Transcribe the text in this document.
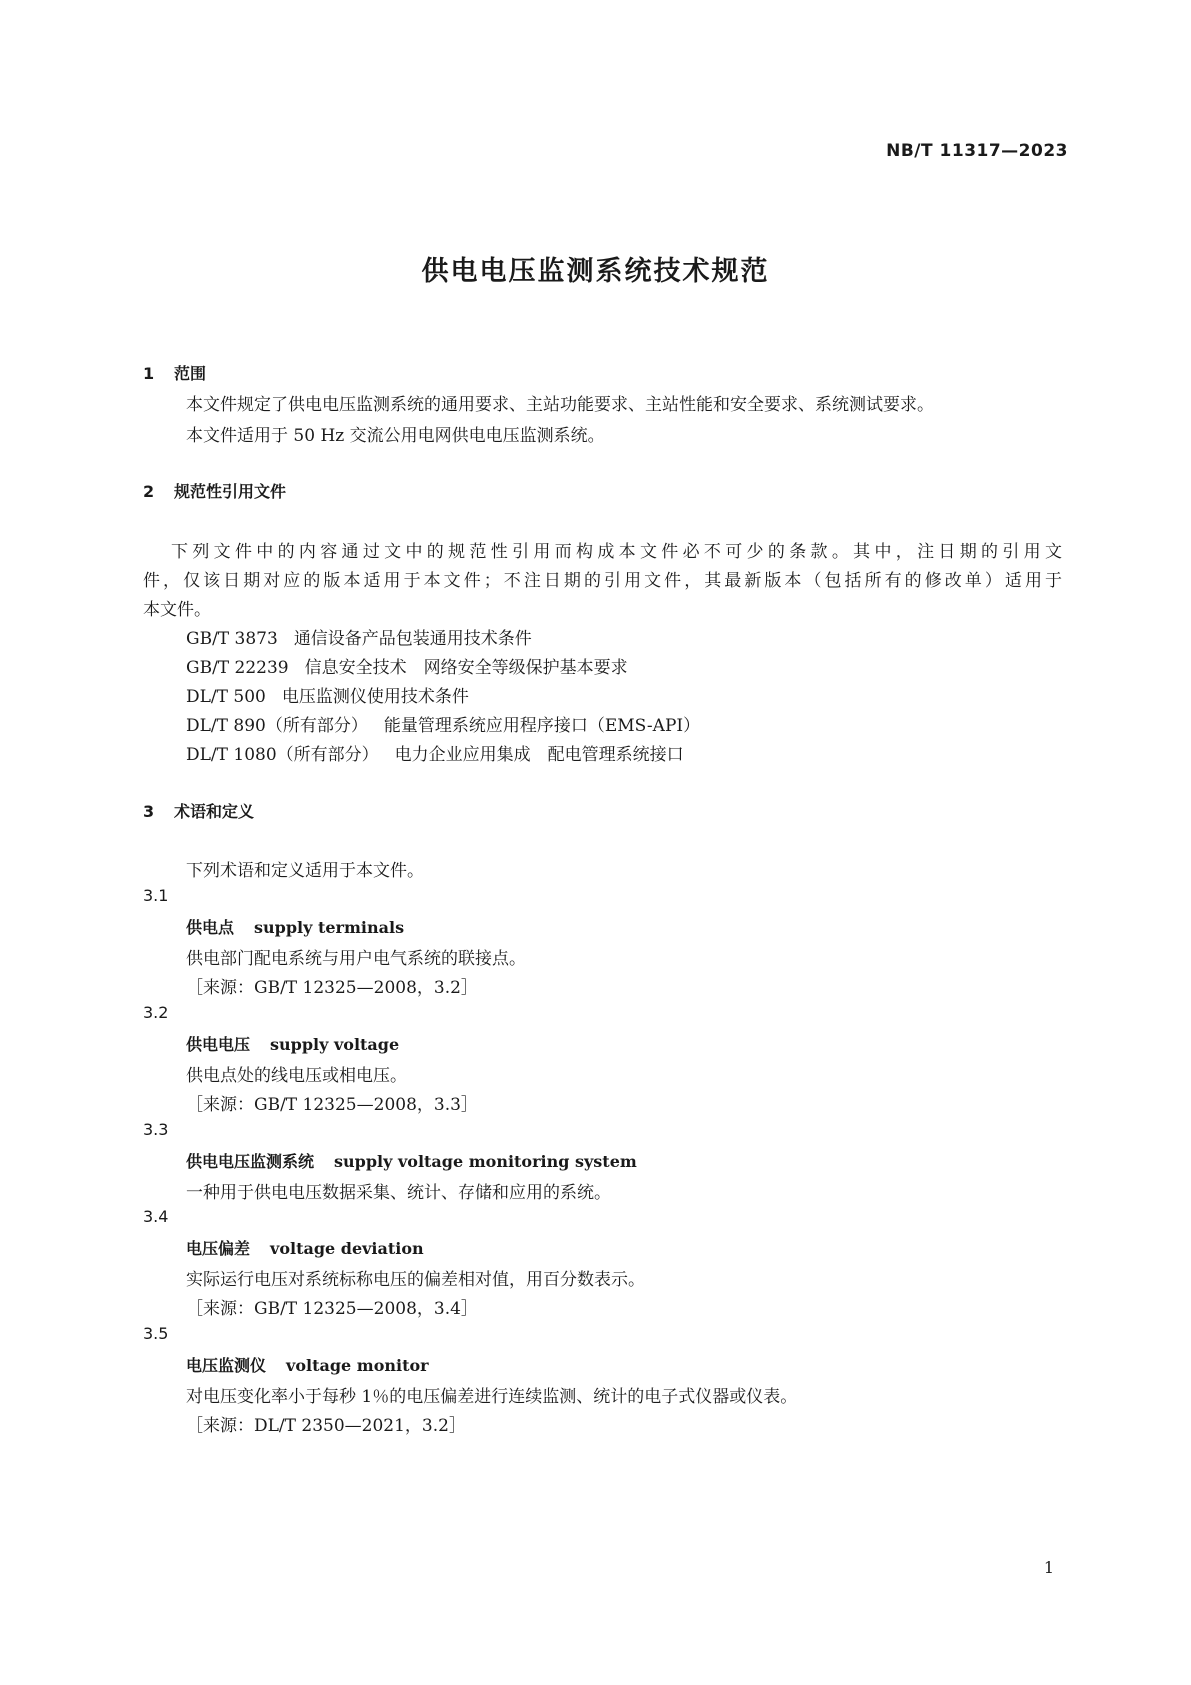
NB/T 11317—2023
供电电压监测系统技术规范
1 范围
本文件规定了供电电压监测系统的通用要求、主站功能要求、主站性能和安全要求、系统测试要求。
本文件适用于 50 Hz 交流公用电网供电电压监测系统。
2 规范性引用文件
下列文件中的内容通过文中的规范性引用而构成本文件必不可少的条款。其中，注日期的引用文
件，仅该日期对应的版本适用于本文件；不注日期的引用文件，其最新版本（包括所有的修改单）适用于
本文件。
GB/T 3873 通信设备产品包装通用技术条件
GB/T 22239 信息安全技术　网络安全等级保护基本要求
DL/T 500 电压监测仪使用技术条件
DL/T 890（所有部分） 能量管理系统应用程序接口（EMS-API）
DL/T 1080（所有部分） 电力企业应用集成　配电管理系统接口
3 术语和定义
下列术语和定义适用于本文件。
3.1
供电点 supply terminals
供电部门配电系统与用户电气系统的联接点。
［来源：GB/T 12325—2008，3.2］
3.2
供电电压 supply voltage
供电点处的线电压或相电压。
［来源：GB/T 12325—2008，3.3］
3.3
供电电压监测系统 supply voltage monitoring system
一种用于供电电压数据采集、统计、存储和应用的系统。
3.4
电压偏差 voltage deviation
实际运行电压对系统标称电压的偏差相对值，用百分数表示。
［来源：GB/T 12325—2008，3.4］
3.5
电压监测仪 voltage monitor
对电压变化率小于每秒 1％的电压偏差进行连续监测、统计的电子式仪器或仪表。
［来源：DL/T 2350—2021，3.2］
1
